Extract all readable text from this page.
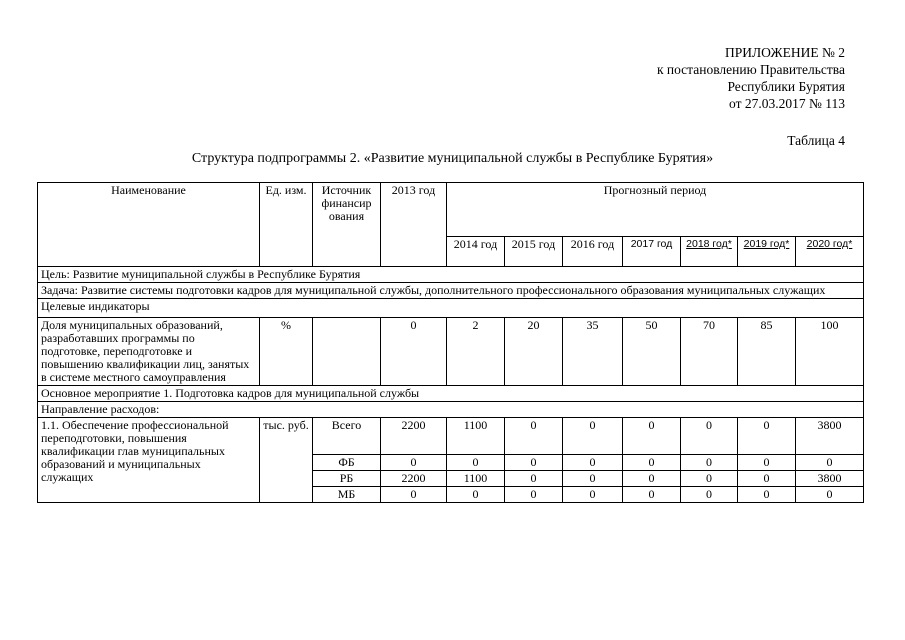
ПРИЛОЖЕНИЕ № 2
к постановлению Правительства
Республики Бурятия
от 27.03.2017 № 113
Таблица 4
Структура подпрограммы 2. «Развитие муниципальной службы в Республике Бурятия»
Наименование	Ед. изм.	Источник финансир ования	2013 год	Прогнозный период						
				2014 год	2015 год	2016 год	2017 год	2018 год*	2019 год*	2020 год*
Цель: Развитие муниципальной службы в Республике Бурятия										
Задача: Развитие системы подготовки кадров для муниципальной службы, дополнительного профессионального образования муниципальных служащих										
Целевые индикаторы										
Доля муниципальных образований, разработавших программы по подготовке, переподготовке и повышению квалификации лиц, занятых в системе местного самоуправления	%		0	2	20	35	50	70	85	100
Основное мероприятие 1. Подготовка кадров для муниципальной службы										
Направление расходов:										
1.1. Обеспечение профессиональной переподготовки, повышения квалификации глав муниципальных образований и муниципальных служащих	тыс. руб.	Всего	2200	1100	0	0	0	0	0	3800
		ФБ	0	0	0	0	0	0	0	0
		РБ	2200	1100	0	0	0	0	0	3800
		МБ	0	0	0	0	0	0	0	0
